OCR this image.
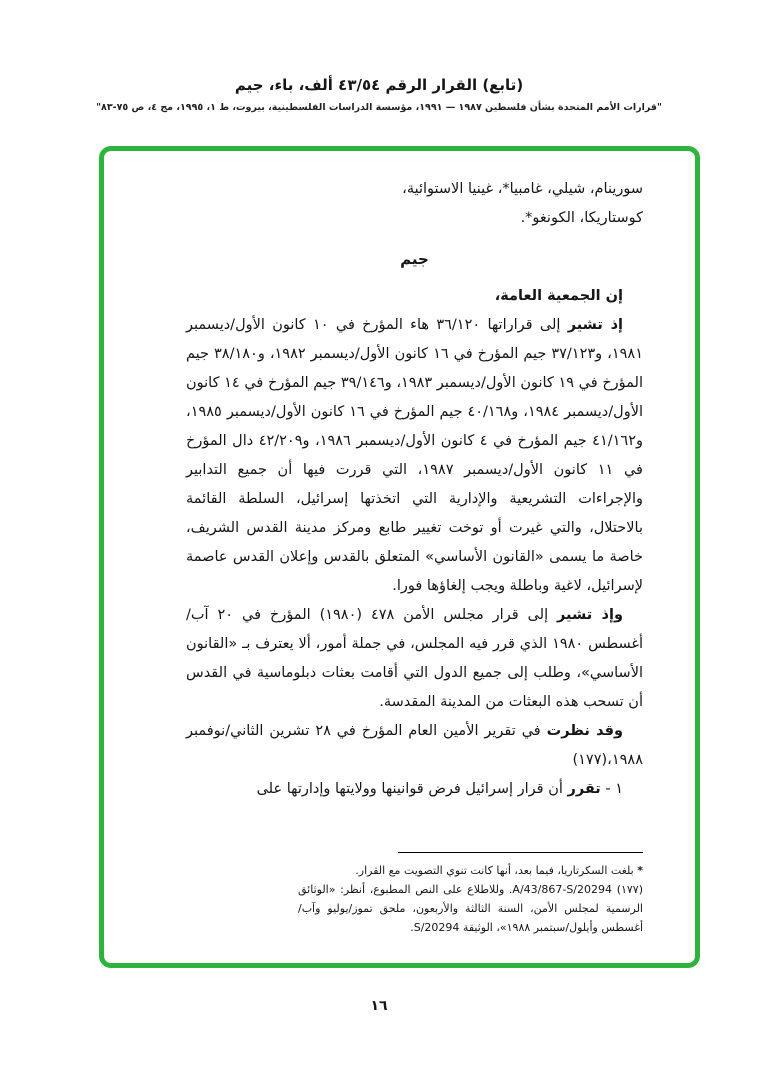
(تابع) القرار الرقم ٤٣/٥٤ ألف، باء، جيم
"قرارات الأمم المتحدة بشأن فلسطين ١٩٨٧ — ١٩٩١، مؤسسة الدراسات الفلسطينية، بيروت، ط ١، ١٩٩٥، مج ٤، ص ٧٥-٨٣"
سورينام، شيلي، غامبيا*، غينيا الاستوائية،
كوستاريكا، الكونغو*.
جيم
إن الجمعية العامة،

إذ تشير إلى قراراتها ٣٦/١٢٠ هاء المؤرخ في ١٠ كانون الأول/ديسمبر ١٩٨١، و٣٧/١٢٣ جيم المؤرخ في ١٦ كانون الأول/ديسمبر ١٩٨٢، و٣٨/١٨٠ جيم المؤرخ في ١٩ كانون الأول/ديسمبر ١٩٨٣، و٣٩/١٤٦ جيم المؤرخ في ١٤ كانون الأول/ديسمبر ١٩٨٤، و٤٠/١٦٨ جيم المؤرخ في ١٦ كانون الأول/ديسمبر ١٩٨٥، و٤١/١٦٢ جيم المؤرخ في ٤ كانون الأول/ديسمبر ١٩٨٦، و٤٢/٢٠٩ دال المؤرخ في ١١ كانون الأول/ديسمبر ١٩٨٧، التي قررت فيها أن جميع التدابير والإجراءات التشريعية والإدارية التي اتخذتها إسرائيل، السلطة القائمة بالاحتلال، والتي غيرت أو توخت تغيير طابع ومركز مدينة القدس الشريف، خاصة ما يسمى «القانون الأساسي» المتعلق بالقدس وإعلان القدس عاصمة لإسرائيل، لاغية وباطلة ويجب إلغاؤها فورا.

وإذ تشير إلى قرار مجلس الأمن ٤٧٨ (١٩٨٠) المؤرخ في ٢٠ آب/أغسطس ١٩٨٠ الذي قرر فيه المجلس، في جملة أمور، ألا يعترف بـ «القانون الأساسي»، وطلب إلى جميع الدول التي أقامت بعثات دبلوماسية في القدس أن تسحب هذه البعثات من المدينة المقدسة.

وقد نظرت في تقرير الأمين العام المؤرخ في ٢٨ تشرين الثاني/نوفمبر ١٩٨٨،(١٧٧)

١ - تقرر أن قرار إسرائيل فرض قوانينها وولايتها وإدارتها على

* بلغت السكرتاريا، فيما بعد، أنها كانت تنوي التصويت مع القرار.

(١٧٧) A/43/867-S/20294. وللاطلاع على النص المطبوع، أنظر: «الوثائق الرسمية لمجلس الأمن، السنة الثالثة والأربعون، ملحق تموز/يوليو وآب/أغسطس وأيلول/سبتمبر ١٩٨٨»، الوثيقة S/20294.

١٦
